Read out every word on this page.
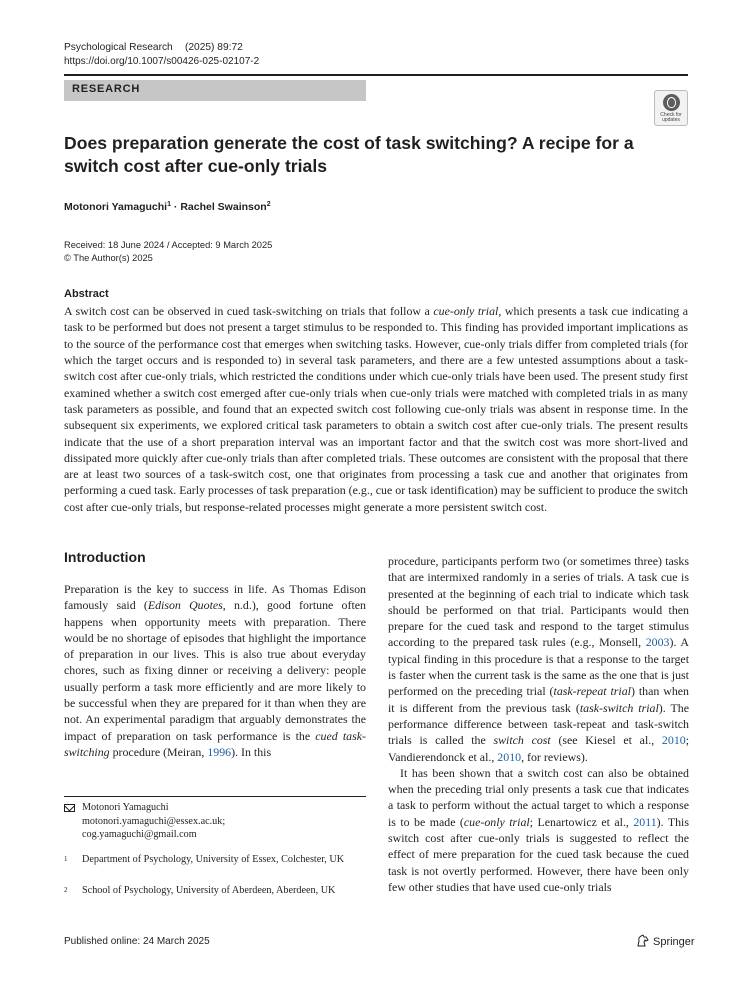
Psychological Research (2025) 89:72
https://doi.org/10.1007/s00426-025-02107-2
RESEARCH
Check for
updates
Does preparation generate the cost of task switching? A recipe for a switch cost after cue-only trials
Motonori Yamaguchi$^1$ · Rachel Swainson$^2$
Received: 18 June 2024 / Accepted: 9 March 2025
© The Author(s) 2025
Abstract
A switch cost can be observed in cued task-switching on trials that follow a cue-only trial, which presents a task cue indicating a task to be performed but does not present a target stimulus to be responded to. This finding has provided important implications as to the source of the performance cost that emerges when switching tasks. However, cue-only trials differ from completed trials (for which the target occurs and is responded to) in several task parameters, and there are a few untested assumptions about a task-switch cost after cue-only trials, which restricted the conditions under which cue-only trials have been used. The present study first examined whether a switch cost emerged after cue-only trials when cue-only trials were matched with completed trials in as many task parameters as possible, and found that an expected switch cost following cue-only trials was absent in response time. In the subsequent six experiments, we explored critical task parameters to obtain a switch cost after cue-only trials. The present results indicate that the use of a short preparation interval was an important factor and that the switch cost was more short-lived and dissipated more quickly after cue-only trials than after completed trials. These outcomes are consistent with the proposal that there are at least two sources of a task-switch cost, one that originates from processing a task cue and another that originates from performing a cued task. Early processes of task preparation (e.g., cue or task identification) may be sufficient to produce the switch cost after cue-only trials, but response-related processes might generate a more persistent switch cost.
Introduction

Preparation is the key to success in life. As Thomas Edison famously said (Edison Quotes, n.d.), good fortune often happens when opportunity meets with preparation. There would be no shortage of episodes that highlight the importance of preparation in our lives. This is also true about everyday chores, such as fixing dinner or receiving a delivery: people usually perform a task more efficiently and are more likely to be successful when they are prepared for it than when they are not. An experimental paradigm that arguably demonstrates the impact of preparation on task performance is the cued task-switching procedure (Meiran, 1996). In this

procedure, participants perform two (or sometimes three) tasks that are intermixed randomly in a series of trials. A task cue is presented at the beginning of each trial to indicate which task should be performed on that trial. Participants would then prepare for the cued task and respond to the target stimulus according to the prepared task rules (e.g., Monsell, 2003). A typical finding in this procedure is that a response to the target is faster when the current task is the same as the one that is just performed on the preceding trial (task-repeat trial) than when it is different from the previous task (task-switch trial). The performance difference between task-repeat and task-switch trials is called the switch cost (see Kiesel et al., 2010; Vandierendonck et al., 2010, for reviews).

It has been shown that a switch cost can also be obtained when the preceding trial only presents a task cue that indicates a task to perform without the actual target to which a response is to be made (cue-only trial; Lenartowicz et al., 2011). This switch cost after cue-only trials is suggested to reflect the effect of mere preparation for the cued task because the cued task is not overtly performed. However, there have been only few other studies that have used cue-only trials

Motonori Yamaguchi
motonori.yamaguchi@essex.ac.uk;
cog.yamaguchi@gmail.com
1 Department of Psychology, University of Essex, Colchester, UK
2 School of Psychology, University of Aberdeen, Aberdeen, UK
Published online: 24 March 2025	Springer
